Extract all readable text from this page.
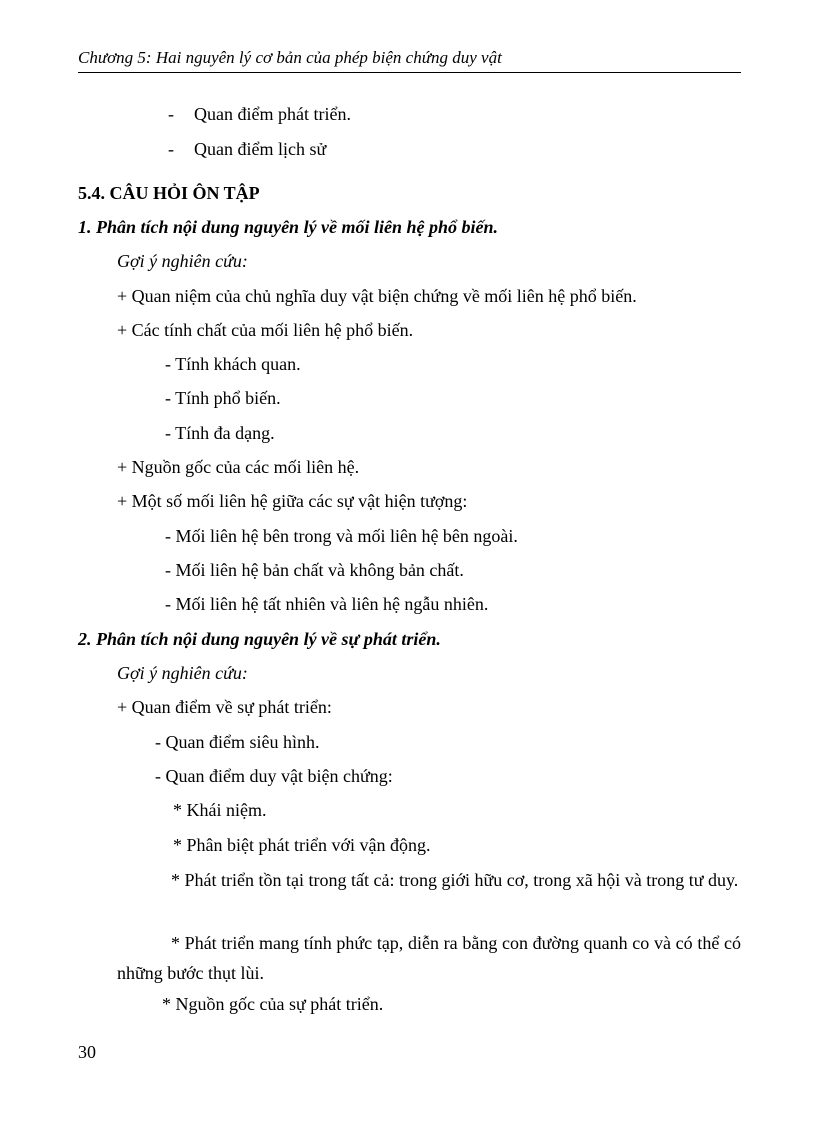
Chương 5: Hai nguyên lý cơ bản của phép biện chứng duy vật
- Quan điểm phát triển.
- Quan điểm lịch sử
5.4. CÂU HỎI ÔN TẬP
1. Phân tích nội dung nguyên lý về mối liên hệ phổ biến.
Gợi ý nghiên cứu:
+ Quan niệm của chủ nghĩa duy vật biện chứng về mối liên hệ phổ biến.
+ Các tính chất của mối liên hệ phổ biến.
- Tính khách quan.
- Tính phổ biến.
- Tính đa dạng.
+ Nguồn gốc của các mối liên hệ.
+ Một số mối liên hệ giữa các sự vật hiện tượng:
- Mối liên hệ bên trong và mối liên hệ bên ngoài.
- Mối liên hệ bản chất và không bản chất.
- Mối liên hệ tất nhiên và liên hệ ngẫu nhiên.
2. Phân tích nội dung nguyên lý về sự phát triển.
Gợi ý nghiên cứu:
+ Quan điểm về sự phát triển:
- Quan điểm siêu hình.
- Quan điểm duy vật biện chứng:
* Khái niệm.
* Phân biệt phát triển với vận động.
* Phát triển tồn tại trong tất cả: trong giới hữu cơ, trong xã hội và trong tư duy.
* Phát triển mang tính phức tạp, diễn ra bằng con đường quanh co và có thể có những bước thụt lùi.
* Nguồn gốc của sự phát triển.
30
